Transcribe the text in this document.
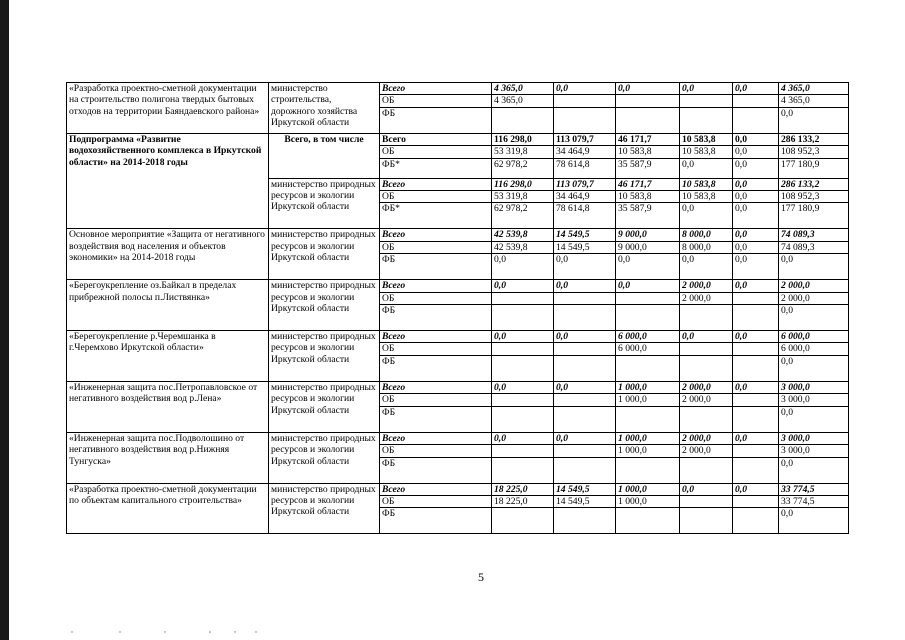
«Разработка проектно-сметной документации на строительство полигона твердых бытовых отходов на территории Баяндаевского района»	министерство строительства, дорожного хозяйства Иркутской области	Всего	4 365,0	0,0	0,0	0,0	0,0	4 365,0
		ОБ	4 365,0					4 365,0
		ФБ						0,0
Подпрограмма «Развитие водохозяйственного комплекса в Иркутской области» на 2014-2018 годы	Всего, в том числе	Всего	116 298,0	113 079,7	46 171,7	10 583,8	0,0	286 133,2
		ОБ	53 319,8	34 464,9	10 583,8	10 583,8	0,0	108 952,3
		ФБ*	62 978,2	78 614,8	35 587,9	0,0	0,0	177 180,9
	министерство природных ресурсов и экологии Иркутской области	Всего	116 298,0	113 079,7	46 171,7	10 583,8	0,0	286 133,2
		ОБ	53 319,8	34 464,9	10 583,8	10 583,8	0,0	108 952,3
		ФБ*	62 978,2	78 614,8	35 587,9	0,0	0,0	177 180,9
Основное мероприятие «Защита от негативного воздействия вод населения и объектов экономики» на 2014-2018 годы	министерство природных ресурсов и экологии Иркутской области	Всего	42 539,8	14 549,5	9 000,0	8 000,0	0,0	74 089,3
		ОБ	42 539,8	14 549,5	9 000,0	8 000,0	0,0	74 089,3
		ФБ	0,0	0,0	0,0	0,0	0,0	0,0
«Берегоукрепление оз.Байкал в пределах прибрежной полосы п.Листвянка»	министерство природных ресурсов и экологии Иркутской области	Всего	0,0	0,0	0,0	2 000,0	0,0	2 000,0
		ОБ				2 000,0		2 000,0
		ФБ						0,0
«Берегоукрепление р.Черемшанка в г.Черемхово Иркутской области»	министерство природных ресурсов и экологии Иркутской области	Всего	0,0	0,0	6 000,0	0,0	0,0	6 000,0
		ОБ			6 000,0			6 000,0
		ФБ						0,0
«Инженерная защита пос.Петропавловское от негативного воздействия вод р.Лена»	министерство природных ресурсов и экологии Иркутской области	Всего	0,0	0,0	1 000,0	2 000,0	0,0	3 000,0
		ОБ			1 000,0	2 000,0		3 000,0
		ФБ						0,0
«Инженерная защита пос.Подволошино от негативного воздействия вод р.Нижняя Тунгуска»	министерство природных ресурсов и экологии Иркутской области	Всего	0,0	0,0	1 000,0	2 000,0	0,0	3 000,0
		ОБ			1 000,0	2 000,0		3 000,0
		ФБ						0,0
«Разработка проектно-сметной документации по объектам капитального строительства»	министерство природных ресурсов и экологии Иркутской области	Всего	18 225,0	14 549,5	1 000,0	0,0	0,0	33 774,5
		ОБ	18 225,0	14 549,5	1 000,0			33 774,5
		ФБ						0,0
5
